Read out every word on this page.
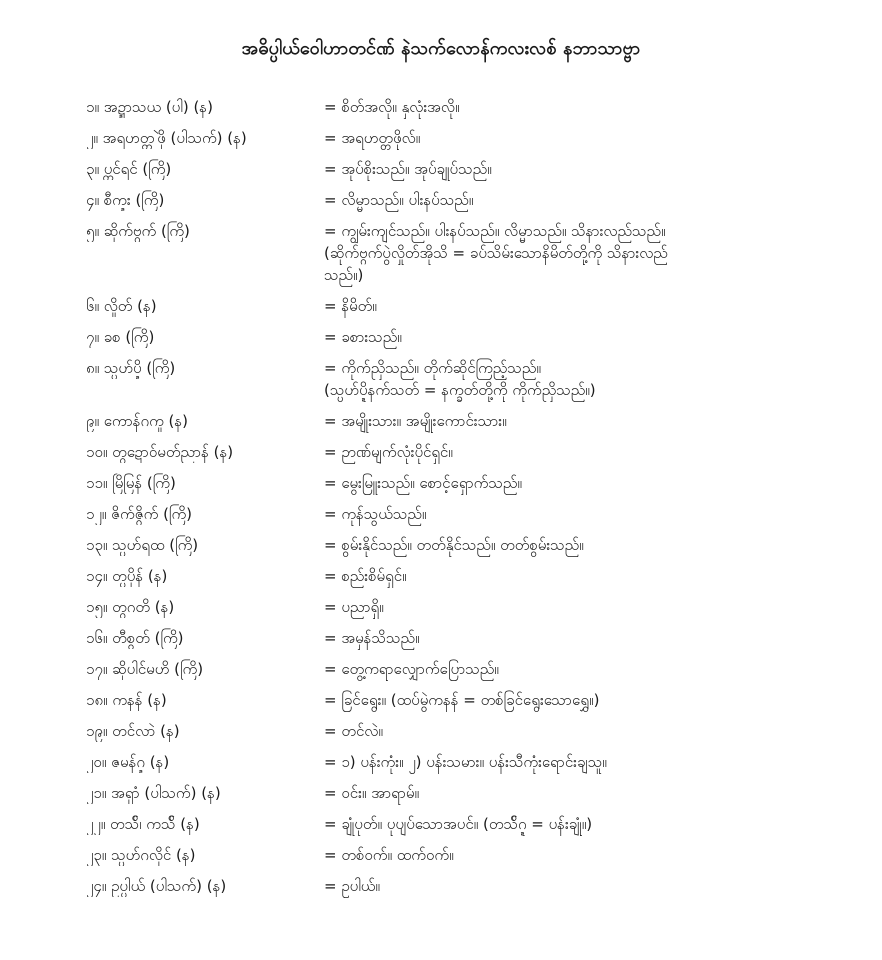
အဓိပ္ပါယ်ဝေါဟာတင်ဏ် နဲသက်လောန်ကလးလစ် နဘာသာဗ္ဗာ
၁။ အဍ္ဍာသယ (ပါ) (န)	= စိတ်အလို။ နှလုံးအလို။
၂။ အရဟတ္တဖိုဲ (ပါသက်) (န)	= အရဟတ္တဖိုလ်။
၃။ ပ္ကင်ရင် (ကြိ)	= အုပ်စိုးသည်။ အုပ်ချုပ်သည်။
၄။ စီက္ဍး (ကြိ)	= လိမ္မာသည်။ ပါးနပ်သည်။
၅။ ဆိုက်ဗ္ဂက် (ကြိ)	= ကျွမ်းကျင်သည်။ ပါးနပ်သည်။ လိမ္မာသည်။ သိနားလည်သည်။
(ဆိုက်ဗ္ဂက်ပွဲလှိုတ်အိုသိ = ခပ်သိမ်းသောနိမိတ်တို့ကို သိနားလည်
သည်။)
၆။ လှိုတ် (န)	= နိမိတ်။
၇။ ခစ (ကြိ)	= ခစားသည်။
၈။ သ္ပဟ်ပ္ဍိ (ကြိ)	= ကိုက်ညှိသည်။ တိုက်ဆိုင်ကြည့်သည်။
(သ္ပဟ်ပ္ဍိနက်သတ် = နက္ခတ်တို့ကို ကိုက်ညှိသည်။)
၉။ ကောန်ဂကူ (န)	= အမျိုးသား။ အမျိုးကောင်းသား။
၁၀။ တ္ဂဍောဝ်မတ်ညာန် (န)	= ဉာဏ်မျက်လုံးပိုင်ရှင်။
၁၁။ မြိမြန် (ကြိ)	= မွေးမြူးသည်။ စောင့်ရှောက်သည်။
၁၂။ ဇိက်ဇ္ဂိက် (ကြိ)	= ကုန်သွယ်သည်။
၁၃။ သ္ပဟ်ရထ (ကြိ)	= စွမ်းနိုင်သည်။ တတ်နိုင်သည်။ တတ်စွမ်းသည်။
၁၄။ တ္ပပိုန် (န)	= စည်းစိမ်ရှင်။
၁၅။ တ္ဂဂတိ (န)	= ပညာရှိ။
၁၆။ တီစွတ် (ကြိ)	= အမှန်သိသည်။
၁၇။ ဆိုပါင်မဟိ (ကြိ)	= တွေ့ကရာလျှောက်ပြောသည်။
၁၈။ ကနန် (န)	= ခြင်ရွေး။ (ထပ်မွဲကနန် = တစ်ခြင်ရွေးသောရွှေ။)
၁၉။ တင်လာဲ (န)	= တင်လဲ။
၂၀။ ဇမန်ဂ္ဍ (န)	= ၁) ပန်းကုံး။ ၂) ပန်းသမား။ ပန်းသီကုံးရောင်းချသူ။
၂၁။ အရှာံ (ပါသက်) (န)	= ဝင်း။ အာရာမ်။
၂၂။ တသ်ိ၊ ကသ်ိ (န)	= ချုံပုတ်။ ပုပျပ်သောအပင်။ (တသ်ိဂ္ဍ = ပန်းချုံ။)
၂၃။ သ္ပဟ်ဂလိုင် (န)	= တစ်ဝက်။ ထက်ဝက်။
၂၄။ ဥပ္ပါယ် (ပါသက်) (န)	= ဥပါယ်။
